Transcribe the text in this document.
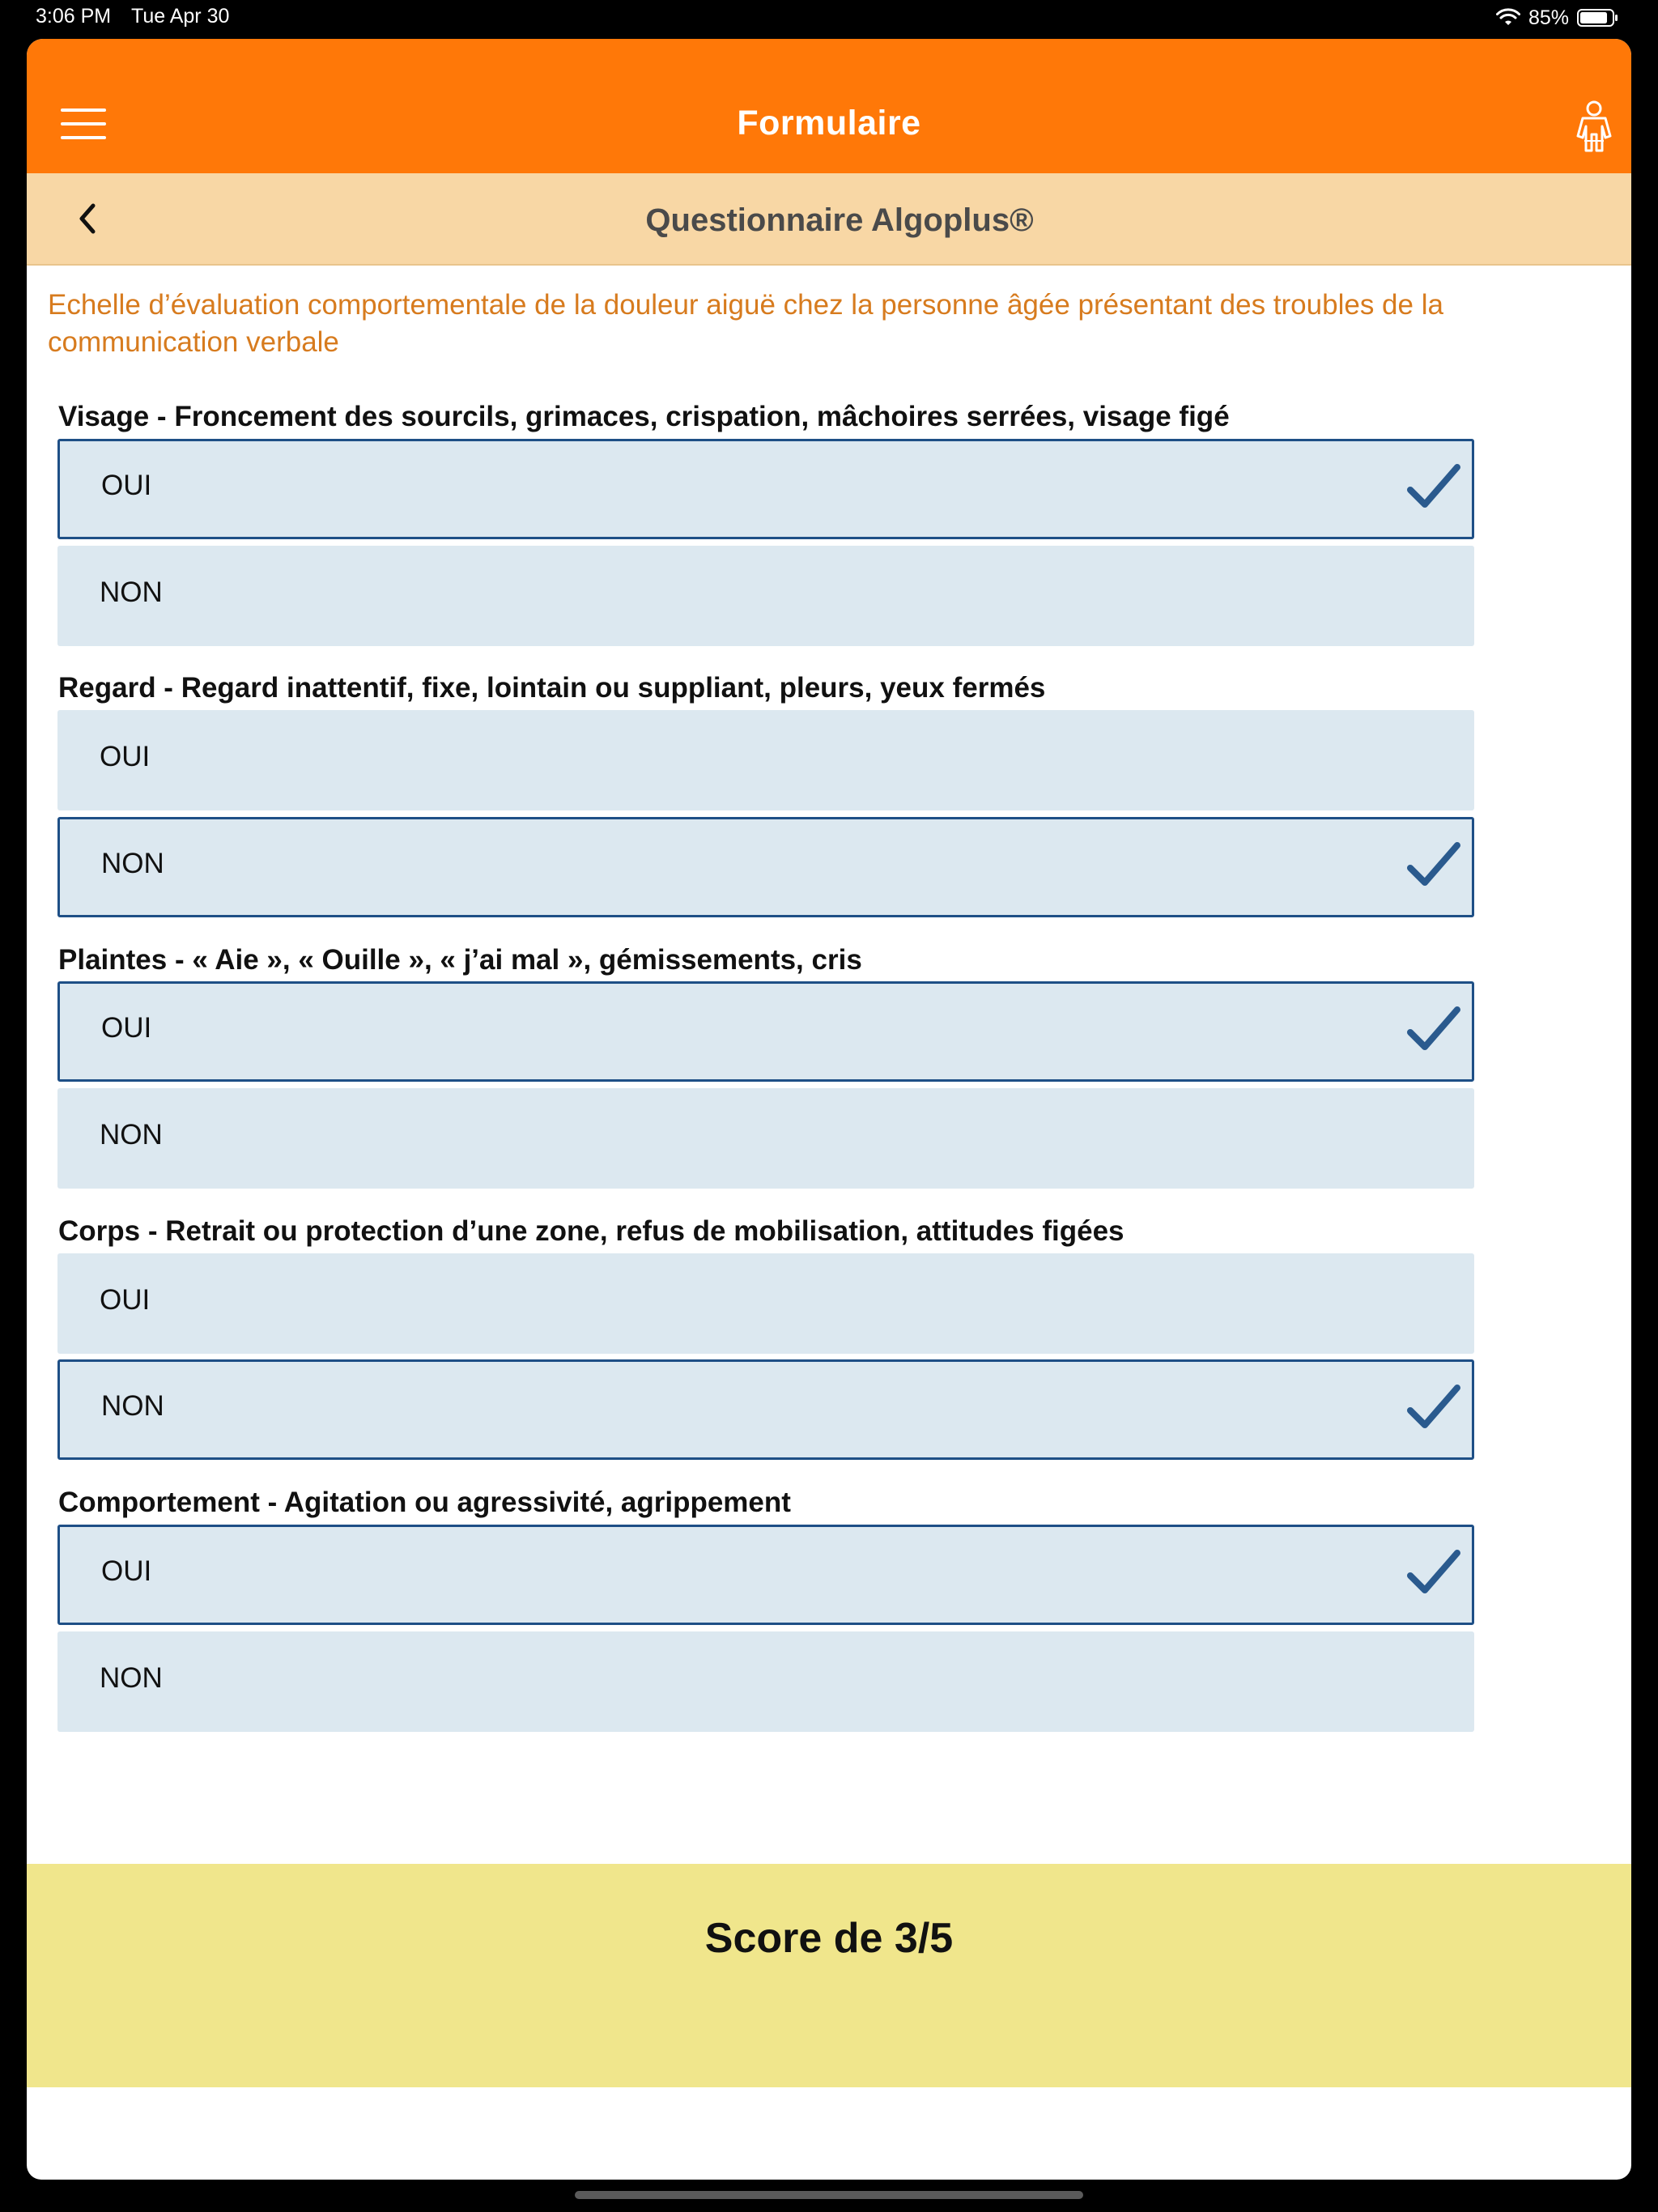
3:06 PM Tue Apr 30	85%
Formulaire
Questionnaire Algoplus®
Echelle d’évaluation comportementale de la douleur aiguë chez la personne âgée présentant des troubles de la communication verbale
Visage - Froncement des sourcils, grimaces, crispation, mâchoires serrées, visage figé
OUI
NON
Regard - Regard inattentif, fixe, lointain ou suppliant, pleurs, yeux fermés
OUI
NON
Plaintes - « Aie », « Ouille », « j’ai mal », gémissements, cris
OUI
NON
Corps - Retrait ou protection d’une zone, refus de mobilisation, attitudes figées
OUI
NON
Comportement - Agitation ou agressivité, agrippement
OUI
NON
Score de 3/5
